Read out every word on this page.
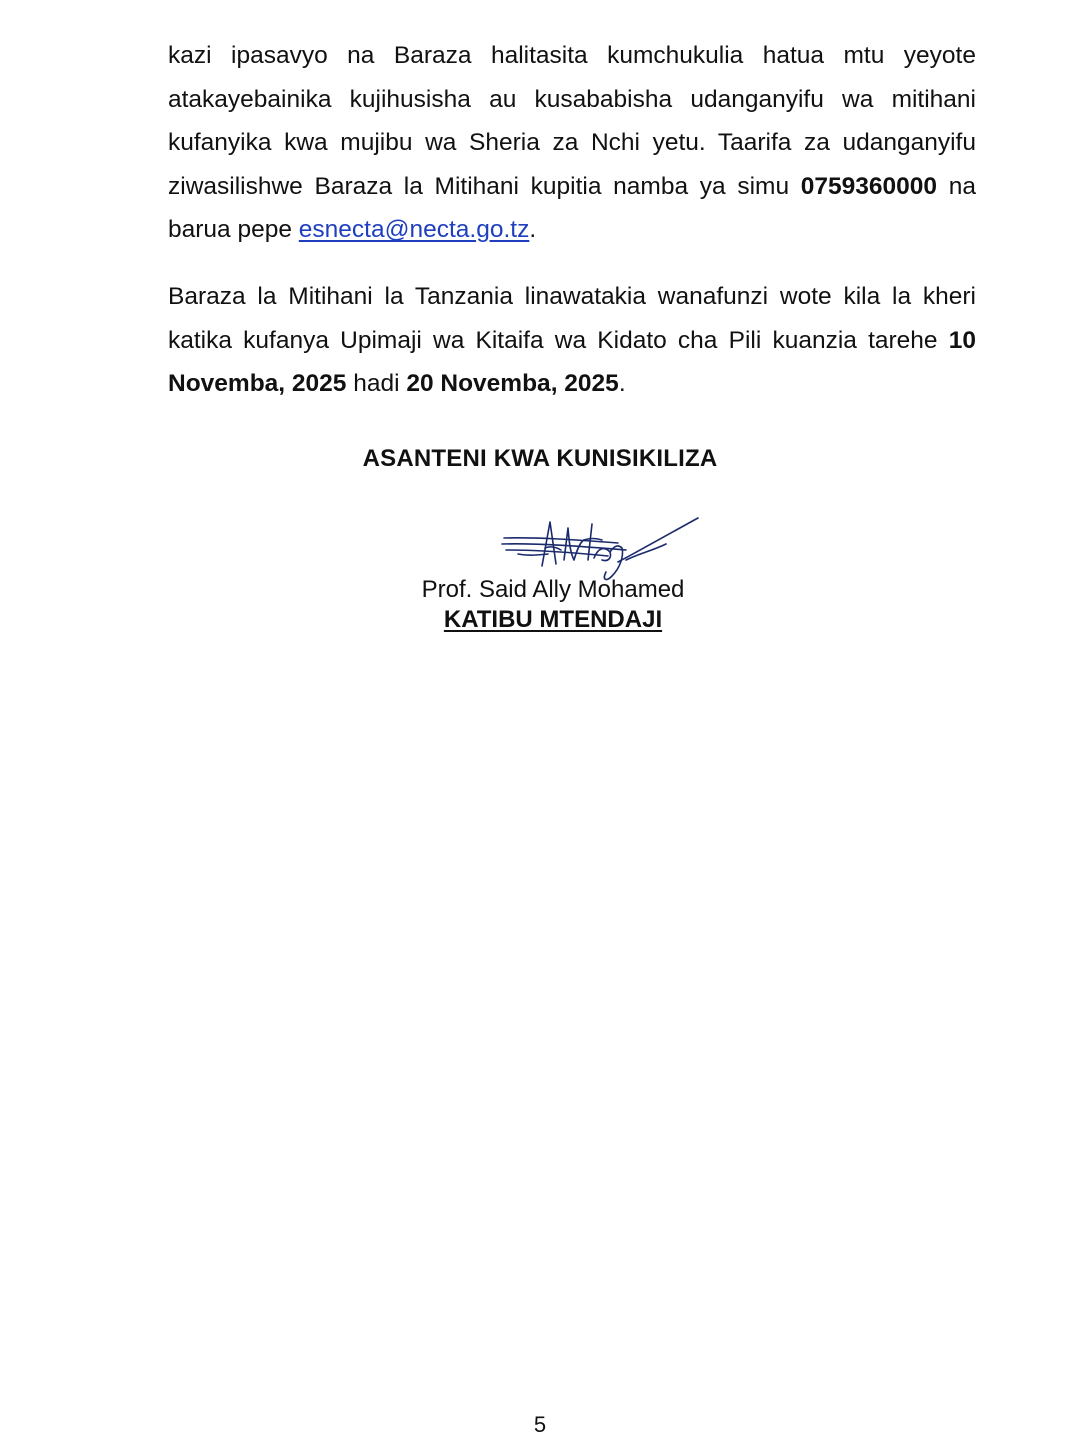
kazi ipasavyo na Baraza halitasita kumchukulia hatua mtu yeyote atakayebainika kujihusisha au kusababisha udanganyifu wa mitihani kufanyika kwa mujibu wa Sheria za Nchi yetu. Taarifa za udanganyifu ziwasilishwe Baraza la Mitihani kupitia namba ya simu 0759360000 na barua pepe esnecta@necta.go.tz.

Baraza la Mitihani la Tanzania linawatakia wanafunzi wote kila la kheri katika kufanya Upimaji wa Kitaifa wa Kidato cha Pili kuanzia tarehe 10 Novemba, 2025 hadi 20 Novemba, 2025.

ASANTENI KWA KUNISIKILIZA

Prof. Said Ally Mohamed

KATIBU MTENDAJI

5
